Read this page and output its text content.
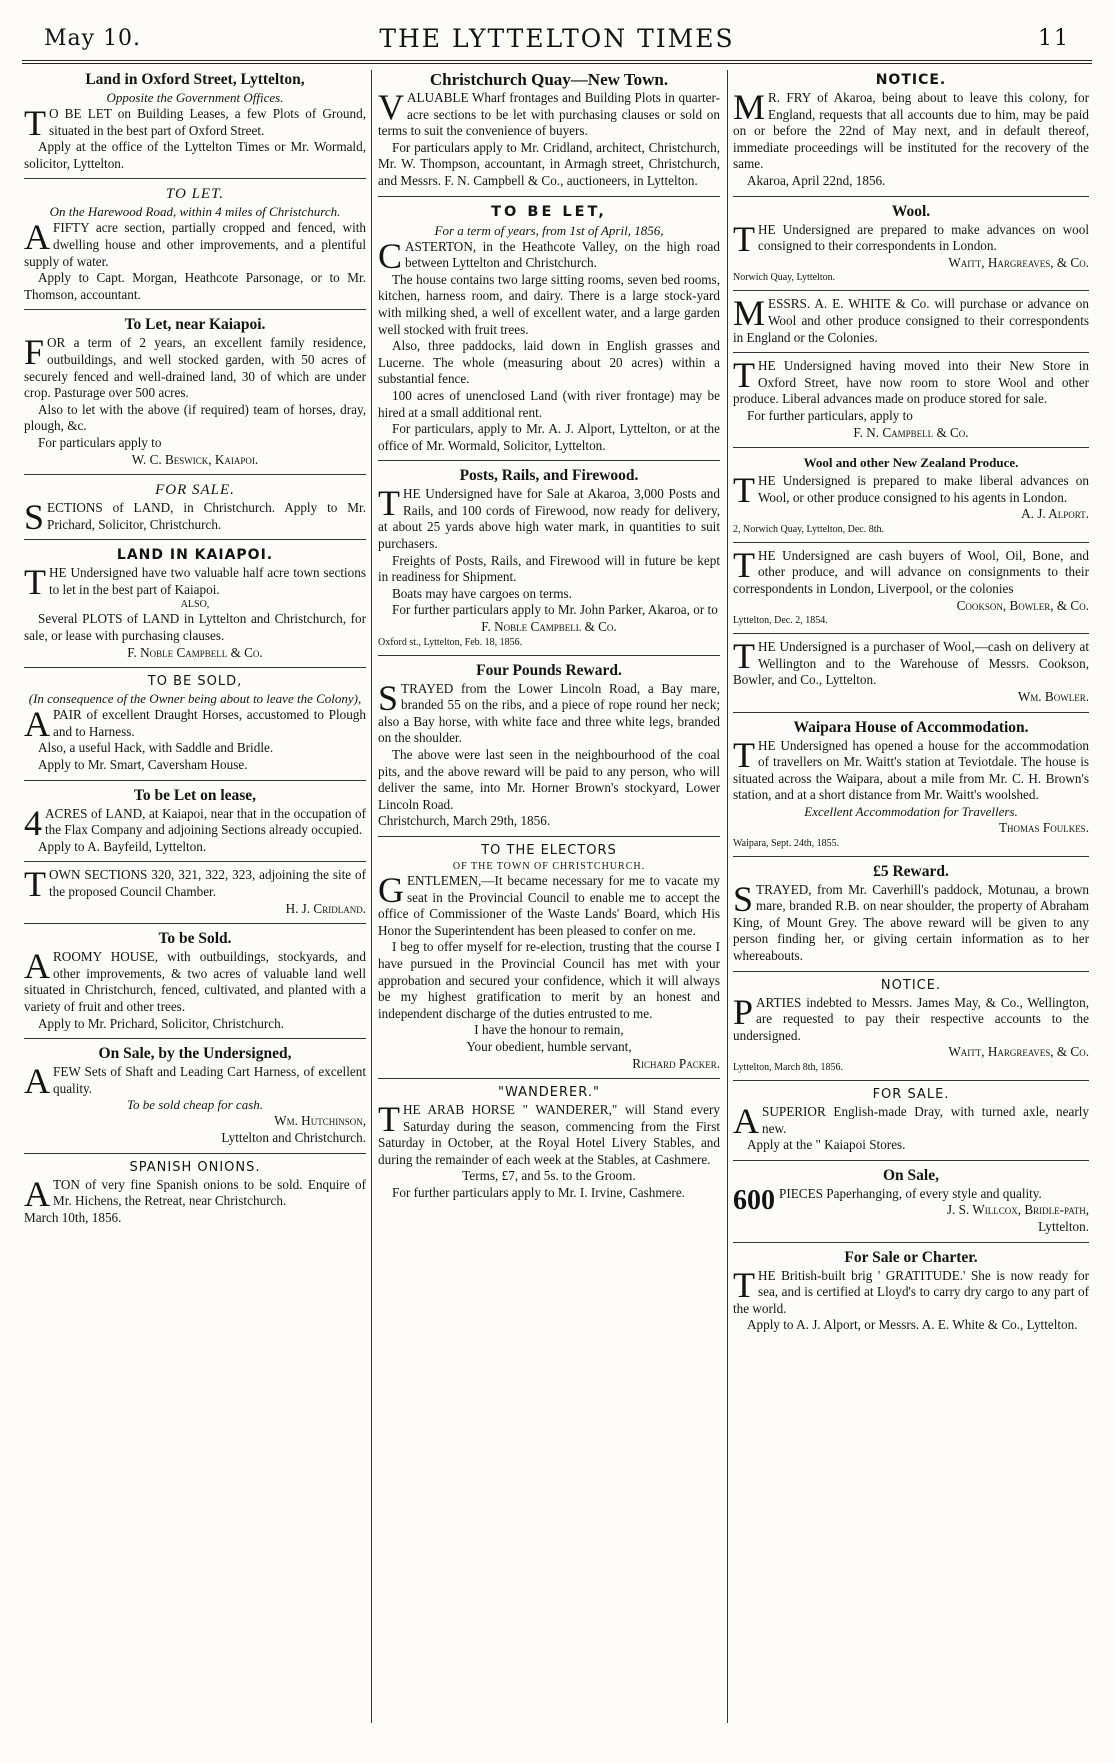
May 10.	THE LYTTELTON TIMES	11
Land in Oxford Street, Lyttelton,
Opposite the Government Offices.

T O BE LET on Building Leases, a few Plots of Ground, situated in the best part of Oxford Street.

Apply at the office of the Lyttelton Times or Mr. Wormald, solicitor, Lyttelton.

TO LET.
On the Harewood Road, within 4 miles of Christchurch.

AFIFTY acre section, partially cropped and fenced, with dwelling house and other improvements, and a plentiful supply of water.

Apply to Capt. Morgan, Heathcote Parsonage, or to Mr. Thomson, accountant.

To Let, near Kaiapoi.

FOR a term of 2 years, an excellent family residence, outbuildings, and well stocked garden, with 50 acres of securely fenced and well-drained land, 30 of which are under crop. Pasturage over 500 acres.

Also to let with the above (if required) team of horses, dray, plough, &c.

For particulars apply to

W. C. Beswick, Kaiapoi.

FOR SALE.

SECTIONS of LAND, in Christchurch. Apply to Mr. Prichard, Solicitor, Christchurch.

LAND IN KAIAPOI.

THE Undersigned have two valuable half acre town sections to let in the best part of Kaiapoi.

ALSO,

Several PLOTS of LAND in Lyttelton and Christchurch, for sale, or lease with purchasing clauses.

F. Noble Campbell & Co.

TO BE SOLD,
(In consequence of the Owner being about to leave the Colony),

APAIR of excellent Draught Horses, accustomed to Plough and to Harness.

Also, a useful Hack, with Saddle and Bridle.

Apply to Mr. Smart, Caversham House.

To be Let on lease,

4 ACRES of LAND, at Kaiapoi, near that in the occupation of the Flax Company and adjoining Sections already occupied.

Apply to A. Bayfeild, Lyttelton.

TOWN SECTIONS 320, 321, 322, 323, adjoining the site of the proposed Council Chamber.

H. J. Cridland.

To be Sold.

AROOMY HOUSE, with outbuildings, stockyards, and other improvements, & two acres of valuable land well situated in Christchurch, fenced, cultivated, and planted with a variety of fruit and other trees.

Apply to Mr. Prichard, Solicitor, Christchurch.

On Sale, by the Undersigned,

AFEW Sets of Shaft and Leading Cart Harness, of excellent quality.

To be sold cheap for cash.

Wm. Hutchinson,

Lyttelton and Christchurch.

SPANISH ONIONS.

ATON of very fine Spanish onions to be sold. Enquire of Mr. Hichens, the Retreat, near Christchurch.

March 10th, 1856.

Christchurch Quay—New Town.

VALUABLE Wharf frontages and Building Plots in quarter-acre sections to be let with purchasing clauses or sold on terms to suit the convenience of buyers.

For particulars apply to Mr. Cridland, architect, Christchurch, Mr. W. Thompson, accountant, in Armagh street, Christchurch, and Messrs. F. N. Campbell & Co., auctioneers, in Lyttelton.

TO BE LET,
For a term of years, from 1st of April, 1856,

CASTERTON, in the Heathcote Valley, on the high road between Lyttelton and Christchurch.

The house contains two large sitting rooms, seven bed rooms, kitchen, harness room, and dairy. There is a large stock-yard with milking shed, a well of excellent water, and a large garden well stocked with fruit trees.

Also, three paddocks, laid down in English grasses and Lucerne. The whole (measuring about 20 acres) within a substantial fence.

100 acres of unenclosed Land (with river frontage) may be hired at a small additional rent.

For particulars, apply to Mr. A. J. Alport, Lyttelton, or at the office of Mr. Wormald, Solicitor, Lyttelton.

Posts, Rails, and Firewood.

THE Undersigned have for Sale at Akaroa, 3,000 Posts and Rails, and 100 cords of Firewood, now ready for delivery, at about 25 yards above high water mark, in quantities to suit purchasers.

Freights of Posts, Rails, and Firewood will in future be kept in readiness for Shipment.

Boats may have cargoes on terms.

For further particulars apply to Mr. John Parker, Akaroa, or to

F. Noble Campbell & Co.

Oxford st., Lyttelton, Feb. 18, 1856.

Four Pounds Reward.

STRAYED from the Lower Lincoln Road, a Bay mare, branded 55 on the ribs, and a piece of rope round her neck; also a Bay horse, with white face and three white legs, branded on the shoulder.

The above were last seen in the neighbourhood of the coal pits, and the above reward will be paid to any person, who will deliver the same, into Mr. Horner Brown's stockyard, Lower Lincoln Road.

Christchurch, March 29th, 1856.

TO THE ELECTORS
OF THE TOWN OF CHRISTCHURCH.

GENTLEMEN,—It became necessary for me to vacate my seat in the Provincial Council to enable me to accept the office of Commissioner of the Waste Lands' Board, which His Honor the Superintendent has been pleased to confer on me.

I beg to offer myself for re-election, trusting that the course I have pursued in the Provincial Council has met with your approbation and secured your confidence, which it will always be my highest gratification to merit by an honest and independent discharge of the duties entrusted to me.

I have the honour to remain,

Your obedient, humble servant,

Richard Packer.

"WANDERER."

THE ARAB HORSE " WANDERER," will Stand every Saturday during the season, commencing from the First Saturday in October, at the Royal Hotel Livery Stables, and during the remainder of each week at the Stables, at Cashmere.

Terms, £7, and 5s. to the Groom.

For further particulars apply to Mr. I. Irvine, Cashmere.

NOTICE.

M R. FRY of Akaroa, being about to leave this colony, for England, requests that all accounts due to him, may be paid on or before the 22nd of May next, and in default thereof, immediate proceedings will be instituted for the recovery of the same.

Akaroa, April 22nd, 1856.

Wool.

THE Undersigned are prepared to make advances on wool consigned to their correspondents in London.

Waitt, Hargreaves, & Co.

Norwich Quay, Lyttelton.

MESSRS. A. E. WHITE & Co. will purchase or advance on Wool and other produce consigned to their correspondents in England or the Colonies.

THE Undersigned having moved into their New Store in Oxford Street, have now room to store Wool and other produce. Liberal advances made on produce stored for sale.

For further particulars, apply to

F. N. Campbell & Co.

Wool and other New Zealand Produce.

THE Undersigned is prepared to make liberal advances on Wool, or other produce consigned to his agents in London.

A. J. Alport.

2, Norwich Quay, Lyttelton, Dec. 8th.

THE Undersigned are cash buyers of Wool, Oil, Bone, and other produce, and will advance on consignments to their correspondents in London, Liverpool, or the colonies

Cookson, Bowler, & Co.

Lyttelton, Dec. 2, 1854.

THE Undersigned is a purchaser of Wool,—cash on delivery at Wellington and to the Warehouse of Messrs. Cookson, Bowler, and Co., Lyttelton.

Wm. Bowler.

Waipara House of Accommodation.

THE Undersigned has opened a house for the accommodation of travellers on Mr. Waitt's station at Teviotdale. The house is situated across the Waipara, about a mile from Mr. C. H. Brown's station, and at a short distance from Mr. Waitt's woolshed.

Excellent Accommodation for Travellers.

Thomas Foulkes.

Waipara, Sept. 24th, 1855.

£5 Reward.

STRAYED, from Mr. Caverhill's paddock, Motunau, a brown mare, branded R.B. on near shoulder, the property of Abraham King, of Mount Grey. The above reward will be given to any person finding her, or giving certain information as to her whereabouts.

NOTICE.

PARTIES indebted to Messrs. James May, & Co., Wellington, are requested to pay their respective accounts to the undersigned.

Waitt, Hargreaves, & Co.

Lyttelton, March 8th, 1856.

FOR SALE.

ASUPERIOR English-made Dray, with turned axle, nearly new.

Apply at the " Kaiapoi Stores.

On Sale,

600 PIECES Paperhanging, of every style and quality.

J. S. Willcox, Bridle-path,

Lyttelton.

For Sale or Charter.

THE British-built brig ' GRATITUDE.' She is now ready for sea, and is certified at Lloyd's to carry dry cargo to any part of the world.

Apply to A. J. Alport, or Messrs. A. E. White & Co., Lyttelton.
